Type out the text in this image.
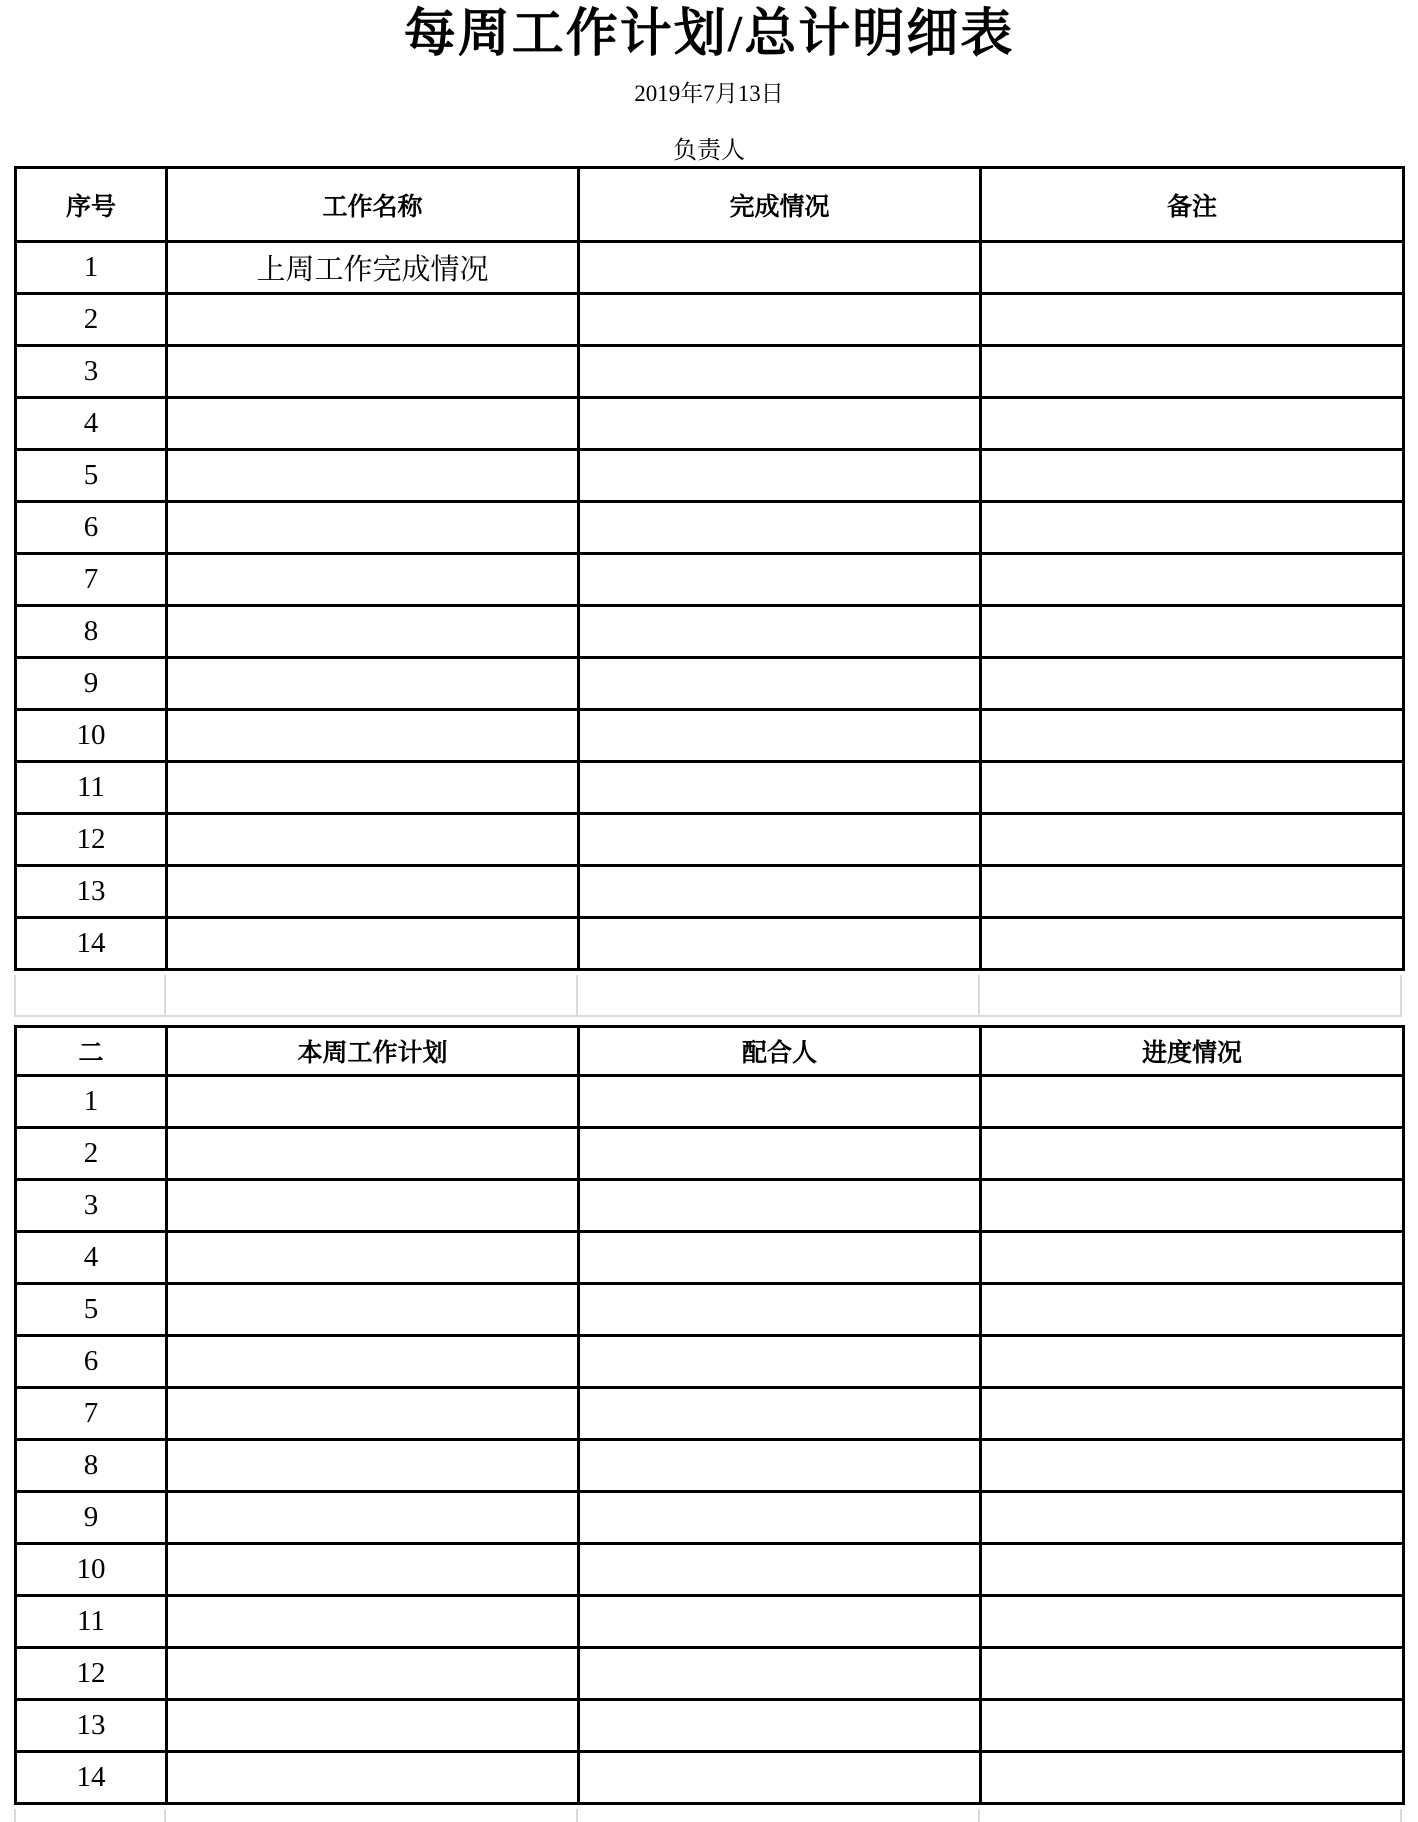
每周工作计划/总计明细表
2019年7月13日
负责人
序号	工作名称	完成情况	备注
1	上周工作完成情况		
2			
3			
4			
5			
6			
7			
8			
9			
10			
11			
12			
13			
14			
二	本周工作计划	配合人	进度情况
1			
2			
3			
4			
5			
6			
7			
8			
9			
10			
11			
12			
13			
14			
